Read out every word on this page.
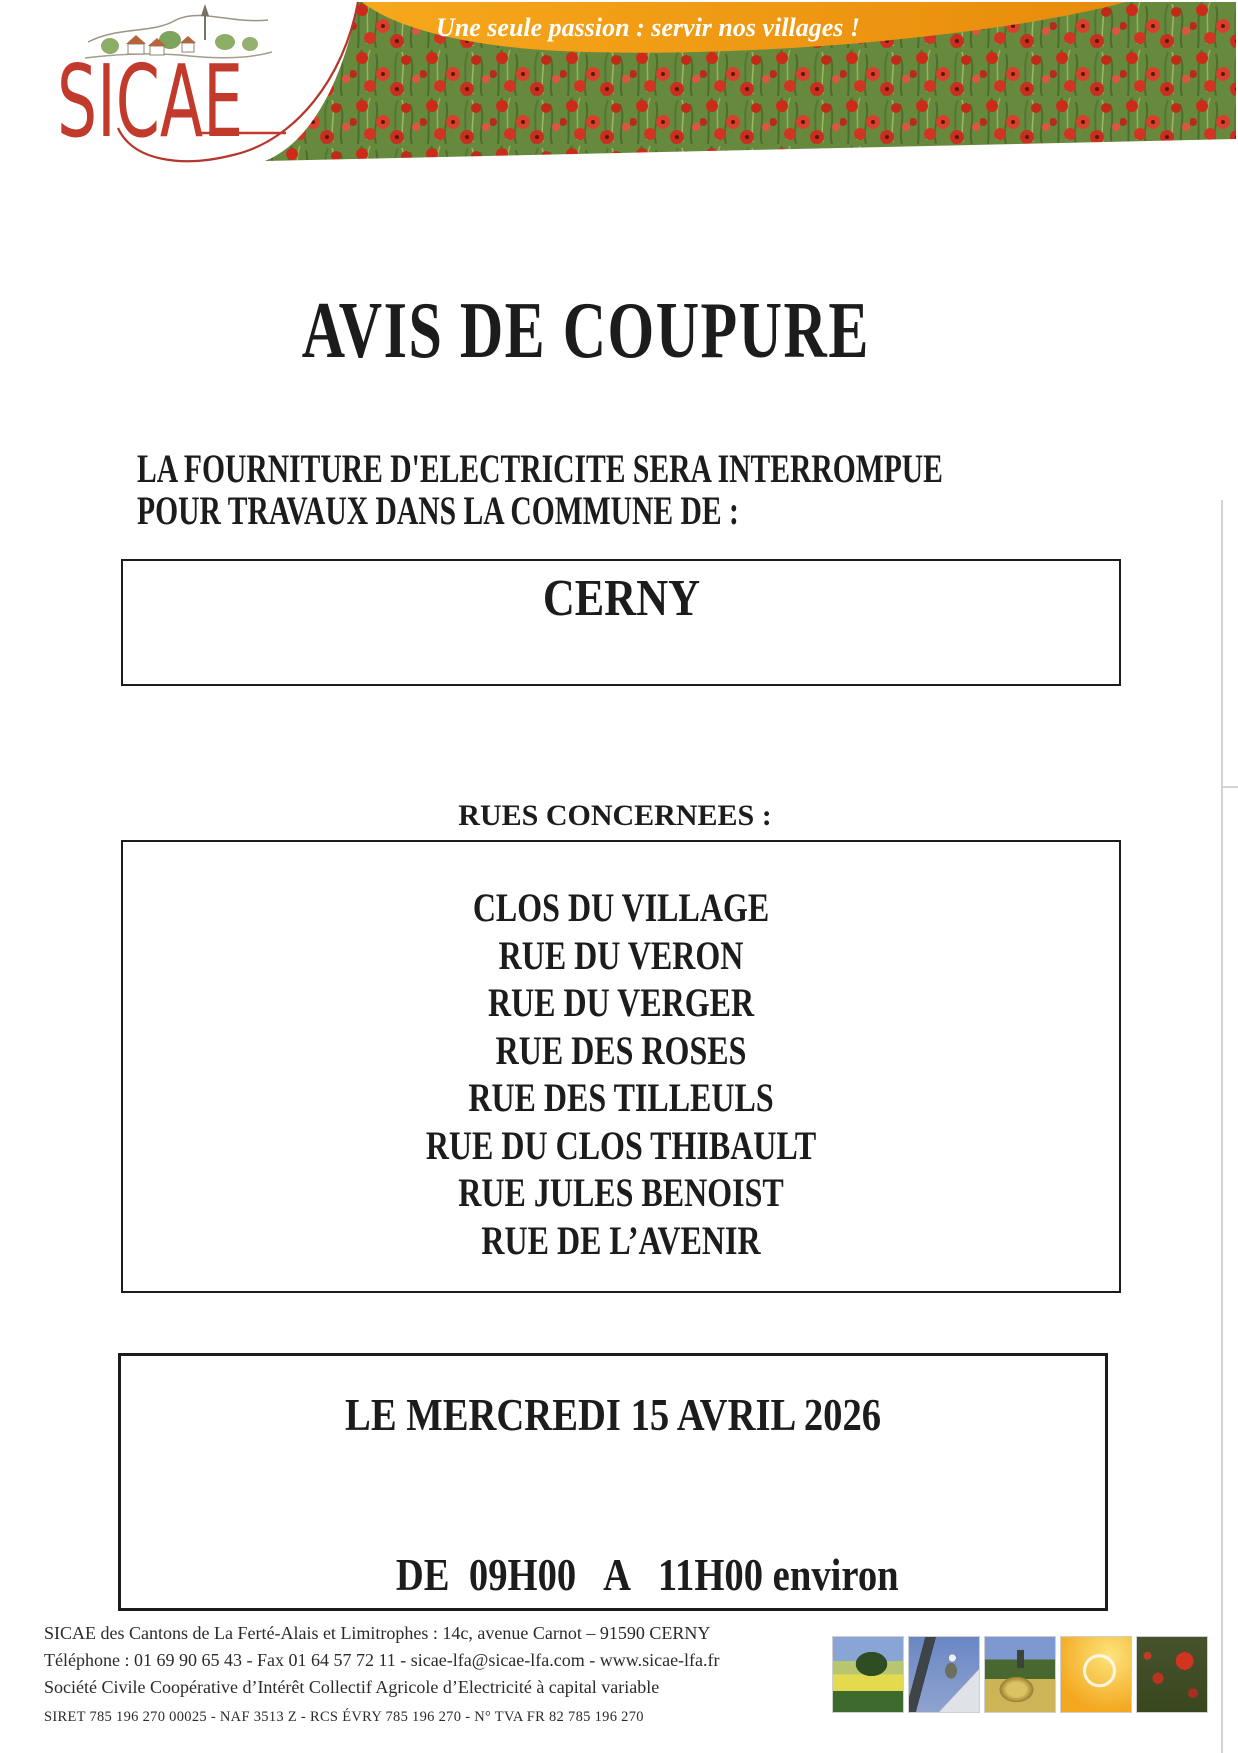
Une seule passion : servir nos villages !
SICAE
AVIS DE COUPURE
LA FOURNITURE D'ELECTRICITE SERA INTERROMPUE
POUR TRAVAUX DANS LA COMMUNE DE :
CERNY
RUES CONCERNEES :
CLOS DU VILLAGE
RUE DU VERON
RUE DU VERGER
RUE DES ROSES
RUE DES TILLEULS
RUE DU CLOS THIBAULT
RUE JULES BENOIST
RUE DE L’AVENIR
LE MERCREDI 15 AVRIL 2026

DE  09H00   A   11H00 environ

SICAE des Cantons de La Ferté-Alais et Limitrophes : 14c, avenue Carnot – 91590 CERNY
Téléphone : 01 69 90 65 43 - Fax 01 64 57 72 11 - sicae-lfa@sicae-lfa.com - www.sicae-lfa.fr
Société Civile Coopérative d’Intérêt Collectif Agricole d’Electricité à capital variable
SIRET 785 196 270 00025 - NAF 3513 Z - RCS ÉVRY 785 196 270 - N° TVA FR 82 785 196 270
